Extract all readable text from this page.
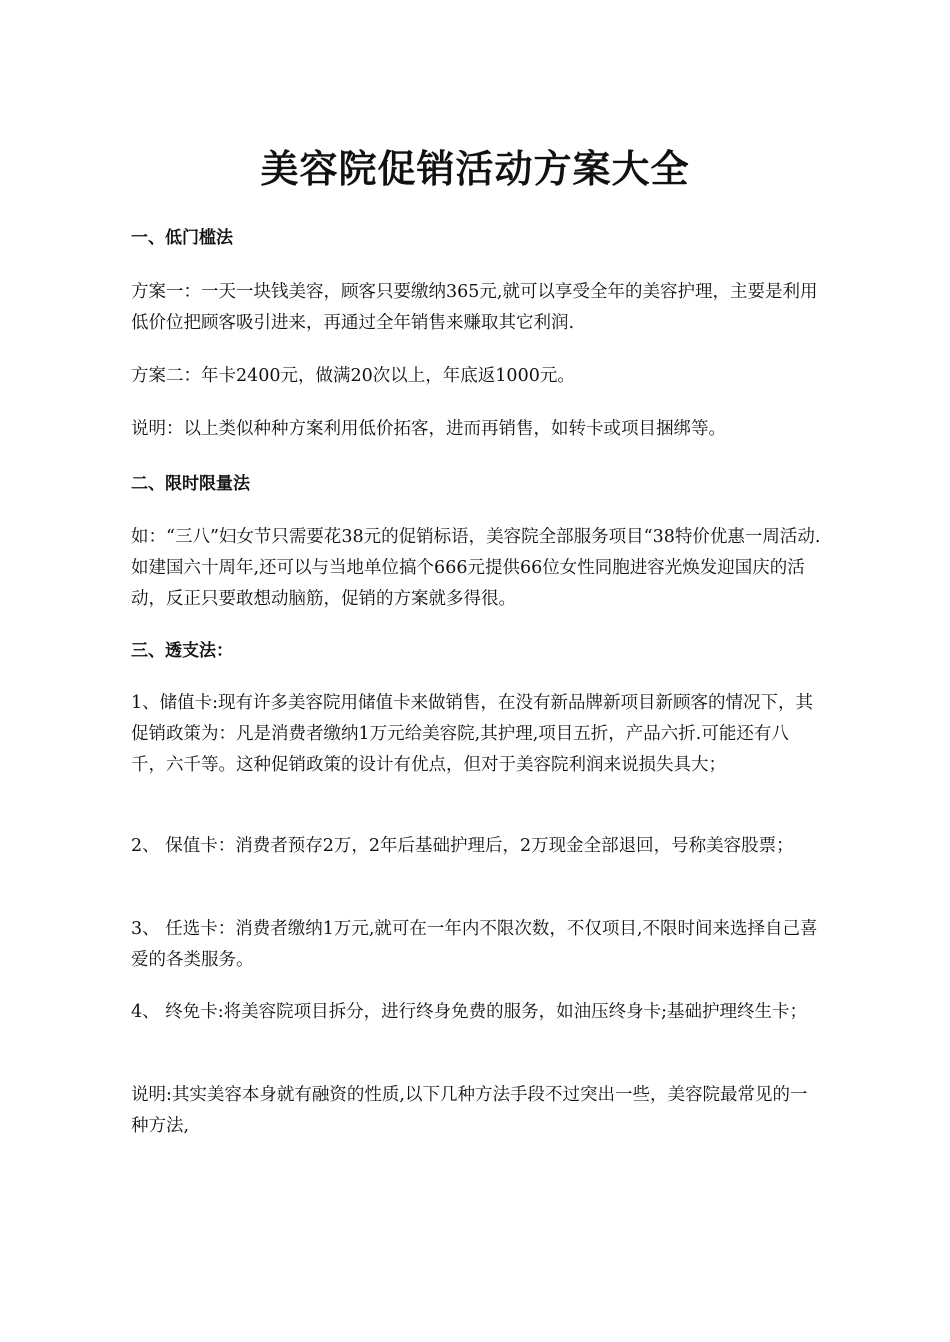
美容院促销活动方案大全

一、低门槛法

方案一：一天一块钱美容，顾客只要缴纳365元,就可以享受全年的美容护理，主要是利用低价位把顾客吸引进来，再通过全年销售来赚取其它利润.

方案二：年卡2400元，做满20次以上，年底返1000元。

说明：以上类似种种方案利用低价拓客，进而再销售，如转卡或项目捆绑等。

二、限时限量法

如：“三八”妇女节只需要花38元的促销标语，美容院全部服务项目“38特价优惠一周活动.如建国六十周年,还可以与当地单位搞个666元提供66位女性同胞进容光焕发迎国庆的活动，反正只要敢想动脑筋，促销的方案就多得很。

三、透支法：

1、储值卡:现有许多美容院用储值卡来做销售，在没有新品牌新项目新顾客的情况下，其促销政策为：凡是消费者缴纳1万元给美容院,其护理,项目五折，产品六折.可能还有八千，六千等。这种促销政策的设计有优点，但对于美容院利润来说损失具大；

2、 保值卡：消费者预存2万，2年后基础护理后，2万现金全部退回，号称美容股票；

3、 任选卡：消费者缴纳1万元,就可在一年内不限次数，不仅项目,不限时间来选择自己喜爱的各类服务。

4、 终免卡:将美容院项目拆分，进行终身免费的服务，如油压终身卡;基础护理终生卡；

说明:其实美容本身就有融资的性质,以下几种方法手段不过突出一些，美容院最常见的一种方法,
